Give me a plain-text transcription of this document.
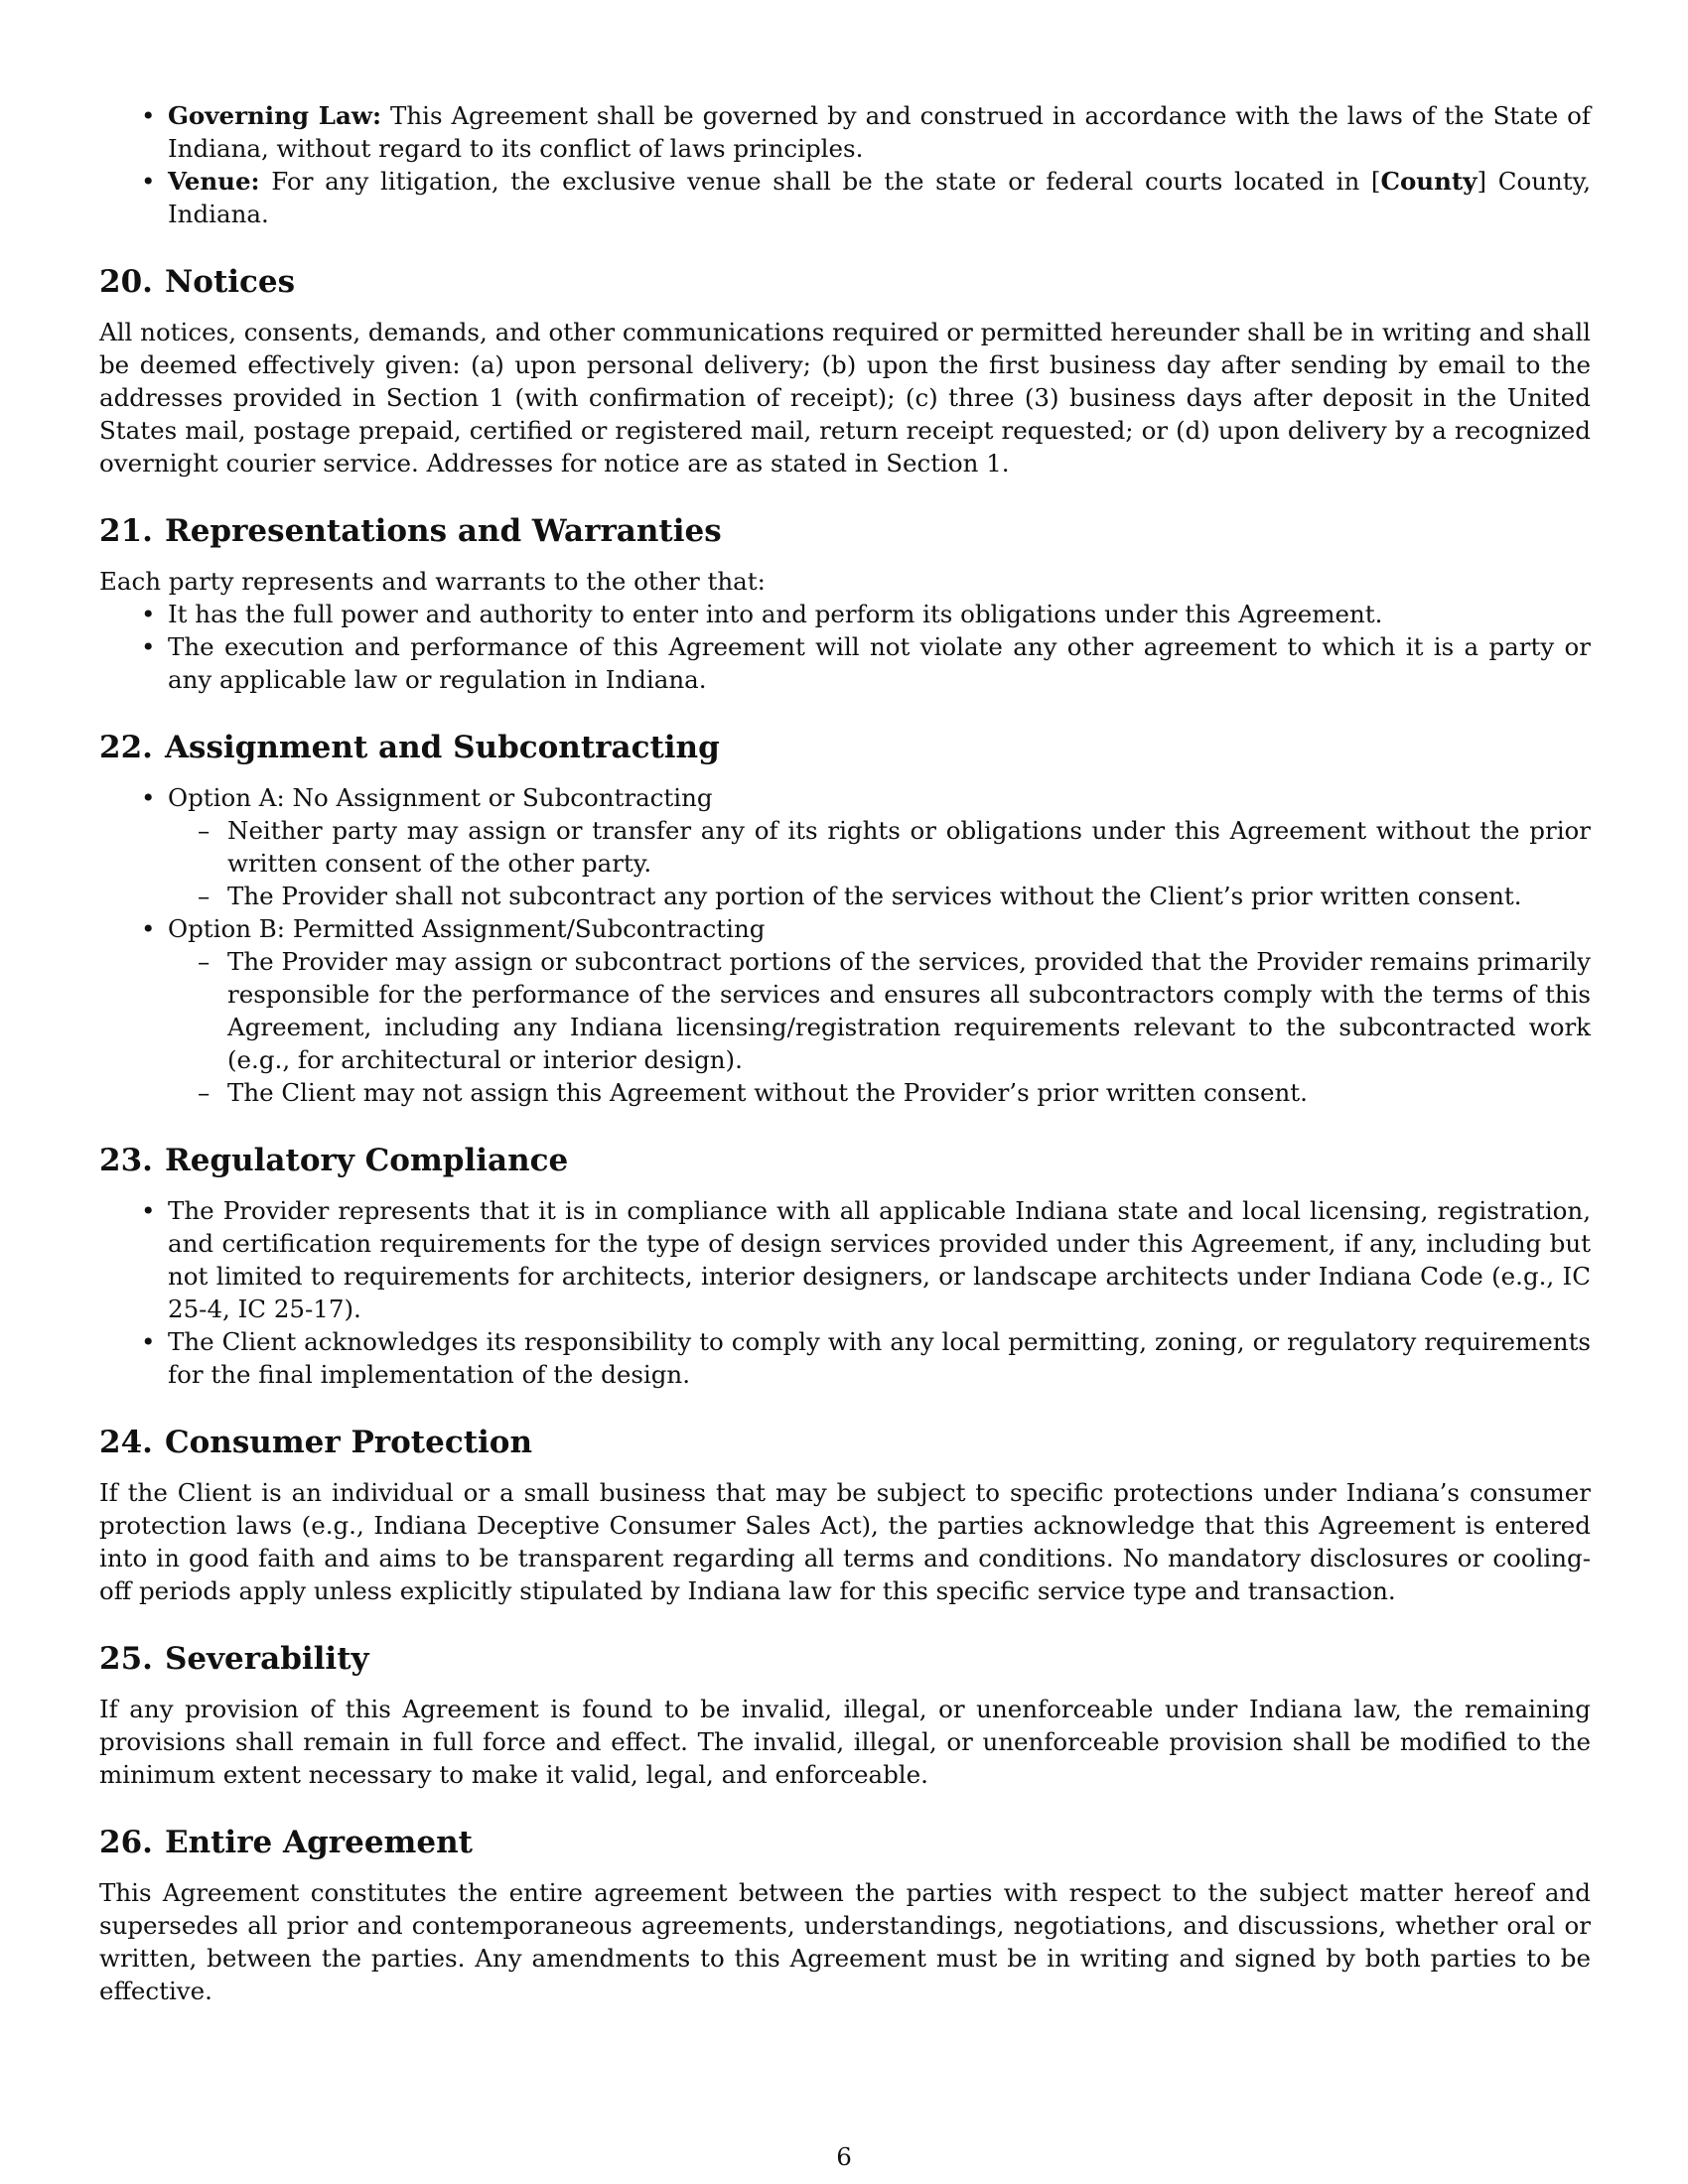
• Governing Law: This Agreement shall be governed by and construed in accordance with the laws of the State of Indiana, without regard to its conflict of laws principles.
• Venue: For any litigation, the exclusive venue shall be the state or federal courts located in [County] County, Indiana.
20. Notices

All notices, consents, demands, and other communications required or permitted hereunder shall be in writing and shall be deemed effectively given: (a) upon personal delivery; (b) upon the first business day after sending by email to the addresses provided in Section 1 (with confirmation of receipt); (c) three (3) business days after deposit in the United States mail, postage prepaid, certified or registered mail, return receipt requested; or (d) upon delivery by a recognized overnight courier service. Addresses for notice are as stated in Section 1.

21. Representations and Warranties

Each party represents and warrants to the other that:

• It has the full power and authority to enter into and perform its obligations under this Agreement.
• The execution and performance of this Agreement will not violate any other agreement to which it is a party or any applicable law or regulation in Indiana.
22. Assignment and Subcontracting
• Option A: No Assignment or Subcontracting
– Neither party may assign or transfer any of its rights or obligations under this Agreement without the prior written consent of the other party.
– The Provider shall not subcontract any portion of the services without the Client’s prior written consent.
• Option B: Permitted Assignment/Subcontracting
– The Provider may assign or subcontract portions of the services, provided that the Provider remains primarily responsible for the performance of the services and ensures all subcontractors comply with the terms of this Agreement, including any Indiana licensing/registration requirements relevant to the subcontracted work (e.g., for architectural or interior design).
– The Client may not assign this Agreement without the Provider’s prior written consent.
23. Regulatory Compliance
• The Provider represents that it is in compliance with all applicable Indiana state and local licensing, registration, and certification requirements for the type of design services provided under this Agreement, if any, including but not limited to requirements for architects, interior designers, or landscape architects under Indiana Code (e.g., IC 25-4, IC 25-17).
• The Client acknowledges its responsibility to comply with any local permitting, zoning, or regulatory requirements for the final implementation of the design.
24. Consumer Protection

If the Client is an individual or a small business that may be subject to specific protections under Indiana’s consumer protection laws (e.g., Indiana Deceptive Consumer Sales Act), the parties acknowledge that this Agreement is entered into in good faith and aims to be transparent regarding all terms and conditions. No mandatory disclosures or cooling-off periods apply unless explicitly stipulated by Indiana law for this specific service type and transaction.

25. Severability

If any provision of this Agreement is found to be invalid, illegal, or unenforceable under Indiana law, the remaining provisions shall remain in full force and effect. The invalid, illegal, or unenforceable provision shall be modified to the minimum extent necessary to make it valid, legal, and enforceable.

26. Entire Agreement

This Agreement constitutes the entire agreement between the parties with respect to the subject matter hereof and supersedes all prior and contemporaneous agreements, understandings, negotiations, and discussions, whether oral or written, between the parties. Any amendments to this Agreement must be in writing and signed by both parties to be effective.

6
